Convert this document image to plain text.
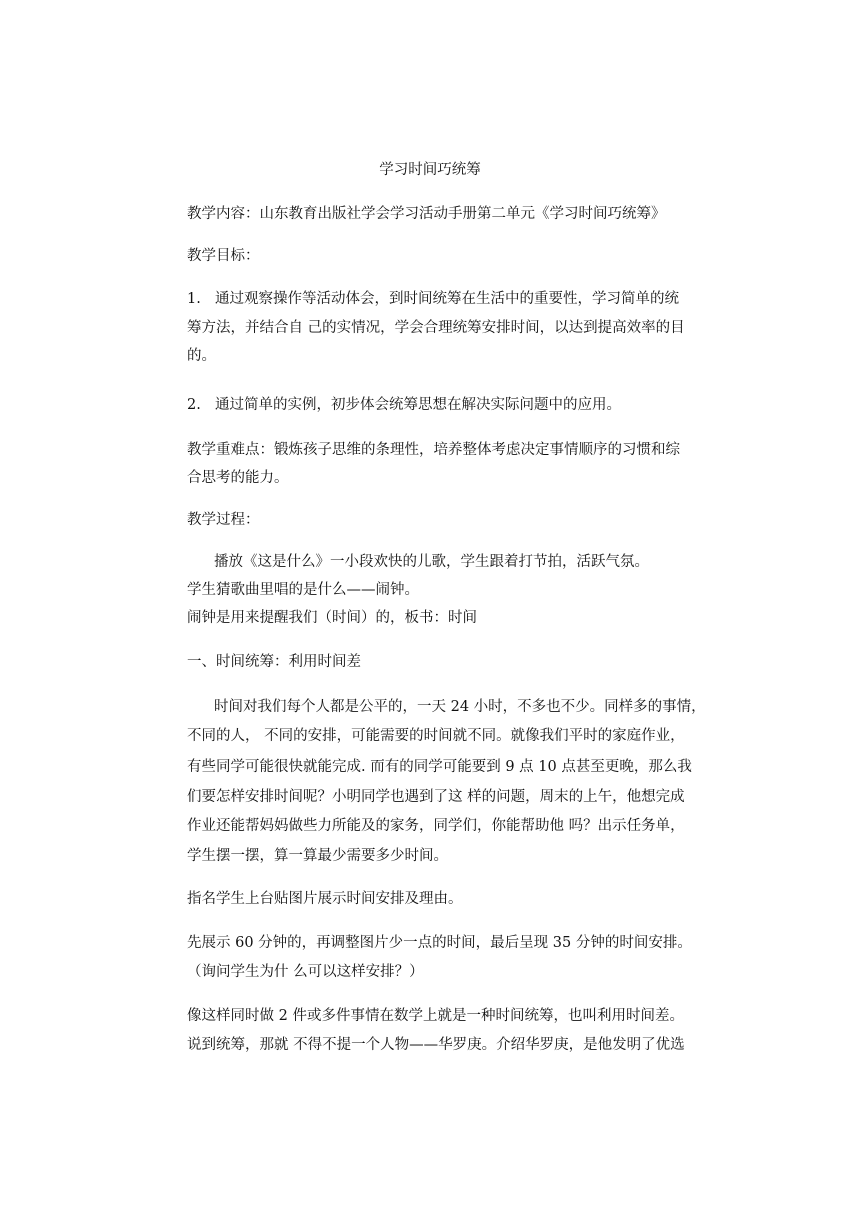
学习时间巧统筹
教学内容：山东教育出版社学会学习活动手册第二单元《学习时间巧统筹》
教学目标：
1. 通过观察操作等活动体会，到时间统筹在生活中的重要性，学习简单的统
筹方法，并结合自 己的实情况，学会合理统筹安排时间，以达到提高效率的目
的。
2. 通过简单的实例，初步体会统筹思想在解决实际问题中的应用。
教学重难点：锻炼孩子思维的条理性，培养整体考虑决定事情顺序的习惯和综
合思考的能力。
教学过程：
播放《这是什么》一小段欢快的儿歌，学生跟着打节拍，活跃气氛。
学生猜歌曲里唱的是什么——闹钟。
闹钟是用来提醒我们（时间）的，板书：时间
一、时间统筹：利用时间差
时间对我们每个人都是公平的，一天 24 小时，不多也不少。同样多的事情，
不同的人， 不同的安排，可能需要的时间就不同。就像我们平时的家庭作业，
有些同学可能很快就能完成. 而有的同学可能要到 9 点 10 点甚至更晚，那么我
们要怎样安排时间呢？小明同学也遇到了这 样的问题，周末的上午，他想完成
作业还能帮妈妈做些力所能及的家务，同学们，你能帮助他 吗？出示任务单，
学生摆一摆，算一算最少需要多少时间。
指名学生上台贴图片展示时间安排及理由。
先展示 60 分钟的，再调整图片少一点的时间，最后呈现 35 分钟的时间安排。
（询问学生为什 么可以这样安排？）
像这样同时做 2 件或多件事情在数学上就是一种时间统筹，也叫利用时间差。
说到统筹，那就 不得不提一个人物——华罗庚。介绍华罗庚，是他发明了优选
